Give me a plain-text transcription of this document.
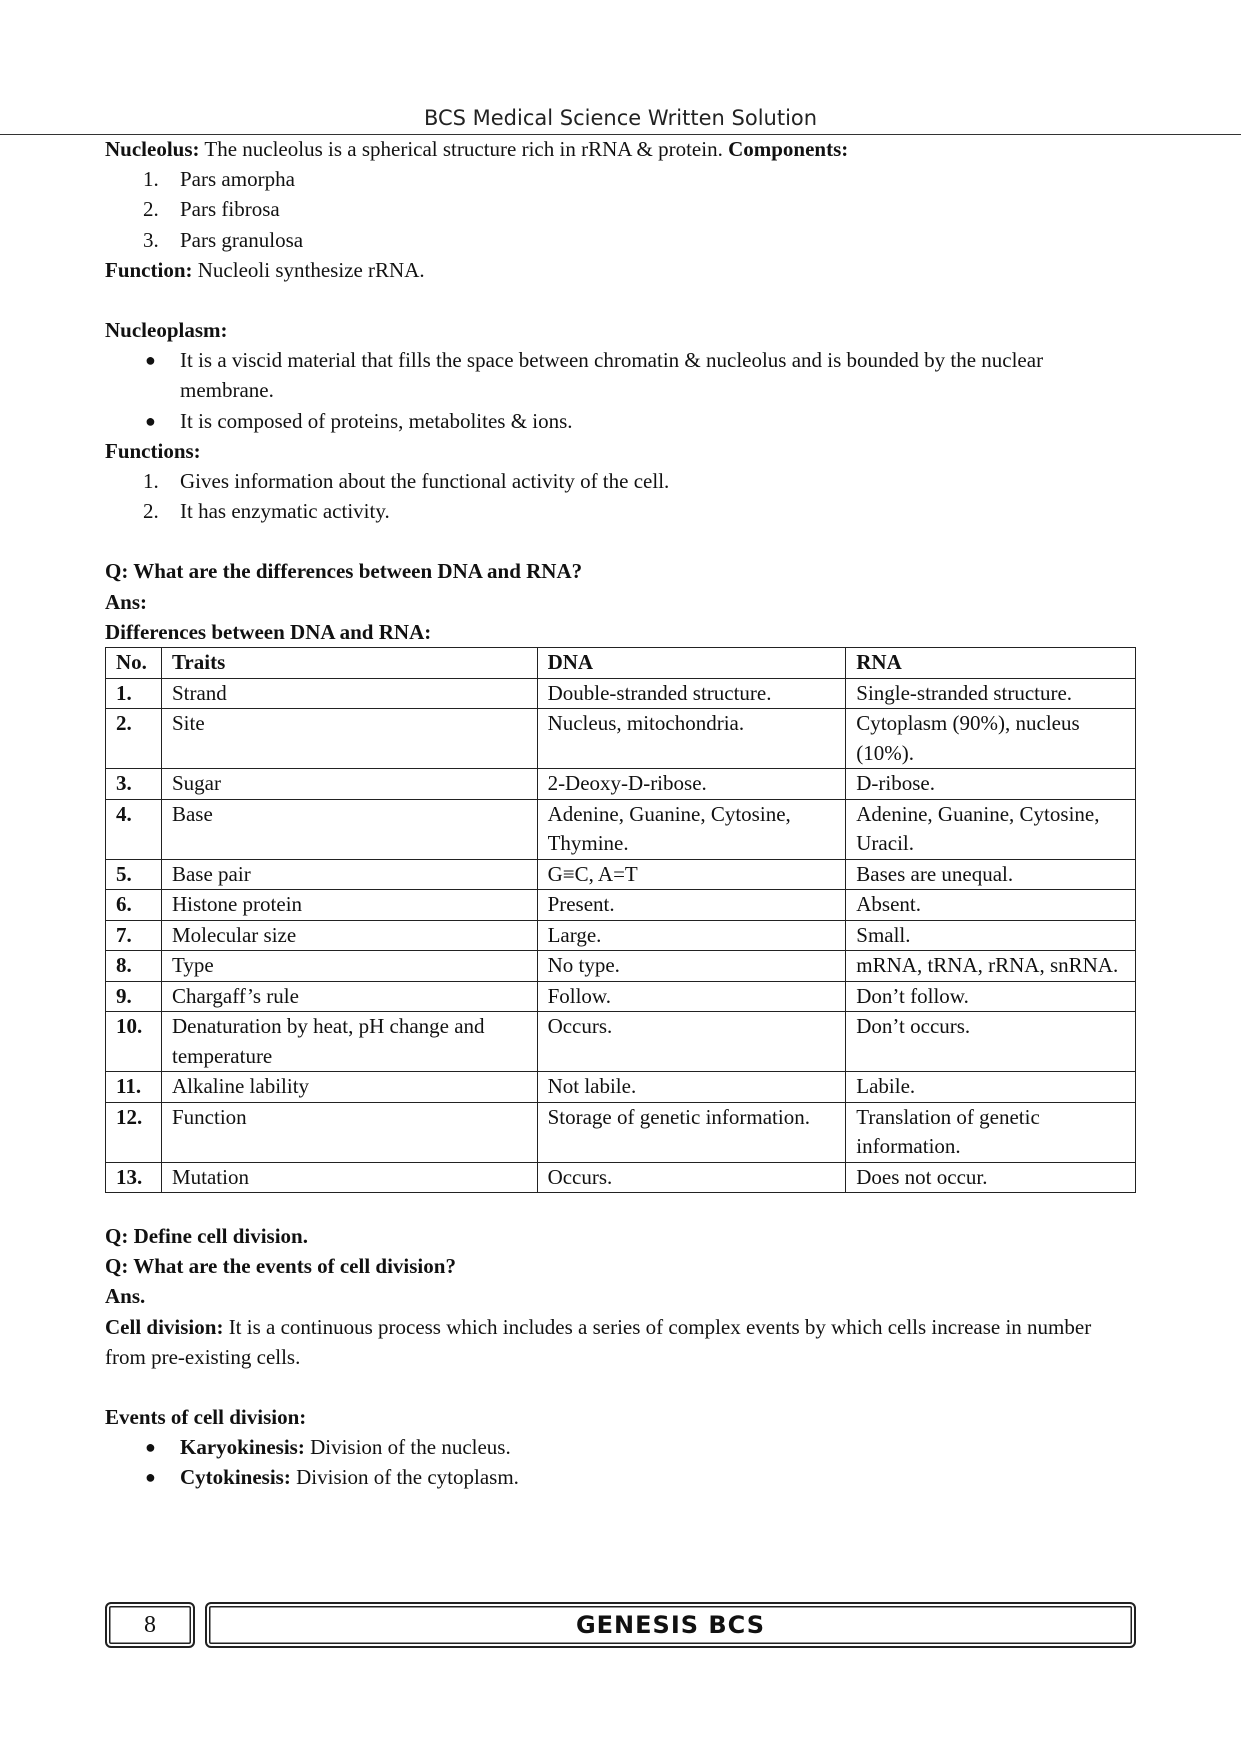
BCS Medical Science Written Solution

Nucleolus: The nucleolus is a spherical structure rich in rRNA & protein. Components:

1. Pars amorpha
2. Pars fibrosa
3. Pars granulosa

Function: Nucleoli synthesize rRNA.

Nucleoplasm:

● It is a viscid material that fills the space between chromatin & nucleolus and is bounded by the nuclear membrane.
● It is composed of proteins, metabolites & ions.

Functions:

1. Gives information about the functional activity of the cell.
2. It has enzymatic activity.

Q: What are the differences between DNA and RNA?

Ans:

Differences between DNA and RNA:

No.	Traits	DNA	RNA
1.	Strand	Double-stranded structure.	Single-stranded structure.
2.	Site	Nucleus, mitochondria.	Cytoplasm (90%), nucleus (10%).
3.	Sugar	2-Deoxy-D-ribose.	D-ribose.
4.	Base	Adenine, Guanine, Cytosine, Thymine.	Adenine, Guanine, Cytosine, Uracil.
5.	Base pair	G≡C, A=T	Bases are unequal.
6.	Histone protein	Present.	Absent.
7.	Molecular size	Large.	Small.
8.	Type	No type.	mRNA, tRNA, rRNA, snRNA.
9.	Chargaff’s rule	Follow.	Don’t follow.
10.	Denaturation by heat, pH change and temperature	Occurs.	Don’t occurs.
11.	Alkaline lability	Not labile.	Labile.
12.	Function	Storage of genetic information.	Translation of genetic information.
13.	Mutation	Occurs.	Does not occur.

Q: Define cell division.

Q: What are the events of cell division?

Ans.

Cell division: It is a continuous process which includes a series of complex events by which cells increase in number from pre-existing cells.

Events of cell division:

● Karyokinesis: Division of the nucleus.
● Cytokinesis: Division of the cytoplasm.
8	GENESIS BCS
